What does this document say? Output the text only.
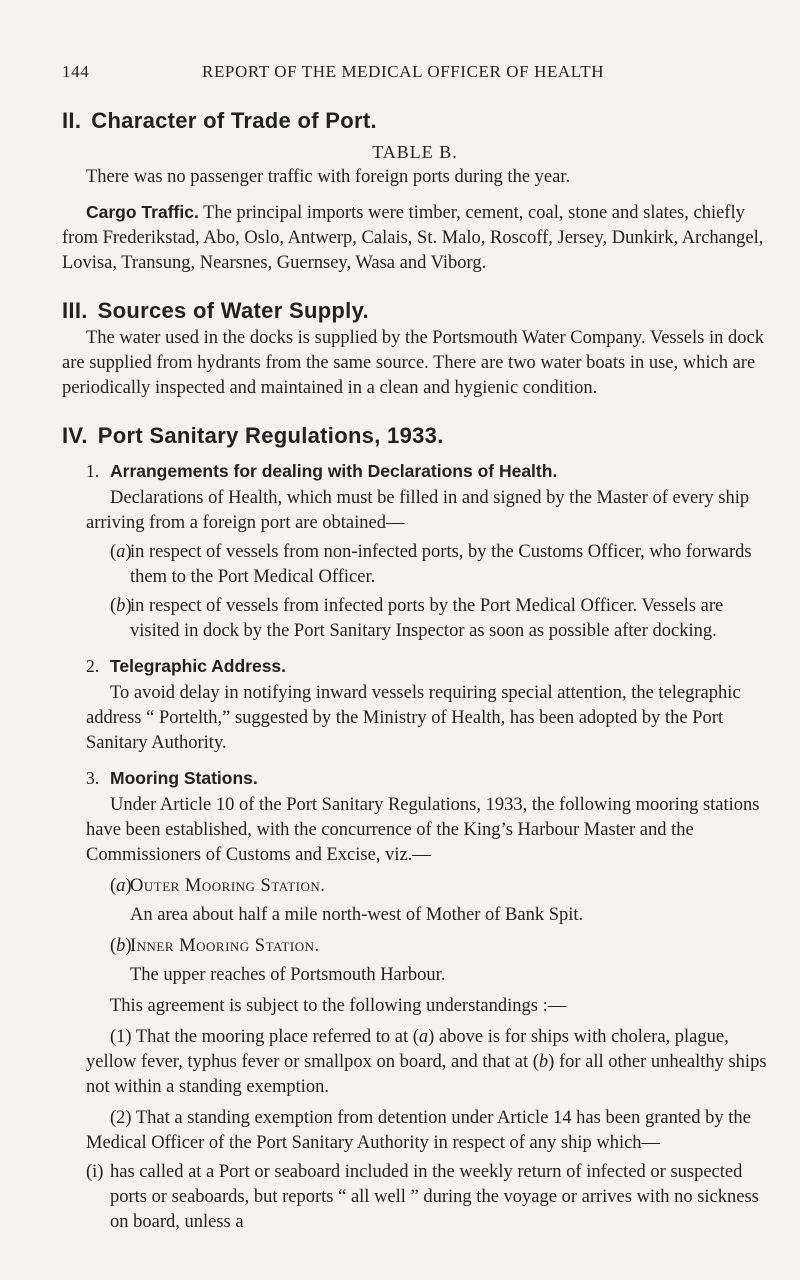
144	REPORT OF THE MEDICAL OFFICER OF HEALTH
II. Character of Trade of Port.
TABLE B.

There was no passenger traffic with foreign ports during the year.

Cargo Traffic. The principal imports were timber, cement, coal, stone and slates, chiefly from Frederikstad, Abo, Oslo, Antwerp, Calais, St. Malo, Roscoff, Jersey, Dunkirk, Archangel, Lovisa, Transung, Nearsnes, Guernsey, Wasa and Viborg.

III. Sources of Water Supply.

The water used in the docks is supplied by the Portsmouth Water Company. Vessels in dock are supplied from hydrants from the same source. There are two water boats in use, which are periodically inspected and maintained in a clean and hygienic condition.

IV. Port Sanitary Regulations, 1933.
1. Arrangements for dealing with Declarations of Health.

Declarations of Health, which must be filled in and signed by the Master of every ship arriving from a foreign port are obtained—

(a)
in respect of vessels from non-infected ports, by the Customs Officer, who forwards them to the Port Medical Officer.
(b)
in respect of vessels from infected ports by the Port Medical Officer. Vessels are visited in dock by the Port Sanitary Inspector as soon as possible after docking.
2. Telegraphic Address.

To avoid delay in notifying inward vessels requiring special attention, the telegraphic address “ Portelth,” suggested by the Ministry of Health, has been adopted by the Port Sanitary Authority.

3. Mooring Stations.

Under Article 10 of the Port Sanitary Regulations, 1933, the following mooring stations have been established, with the concurrence of the King’s Harbour Master and the Commissioners of Customs and Excise, viz.—

(a)
Outer Mooring Station.

An area about half a mile north-west of Mother of Bank Spit.

(b)
Inner Mooring Station.

The upper reaches of Portsmouth Harbour.

This agreement is subject to the following understandings :—

(1) That the mooring place referred to at (a) above is for ships with cholera, plague, yellow fever, typhus fever or smallpox on board, and that at (b) for all other unhealthy ships not within a standing exemption.

(2) That a standing exemption from detention under Article 14 has been granted by the Medical Officer of the Port Sanitary Authority in respect of any ship which—

(i) has called at a Port or seaboard included in the weekly return of infected or suspected ports or seaboards, but reports “ all well ” during the voyage or arrives with no sickness on board, unless a
